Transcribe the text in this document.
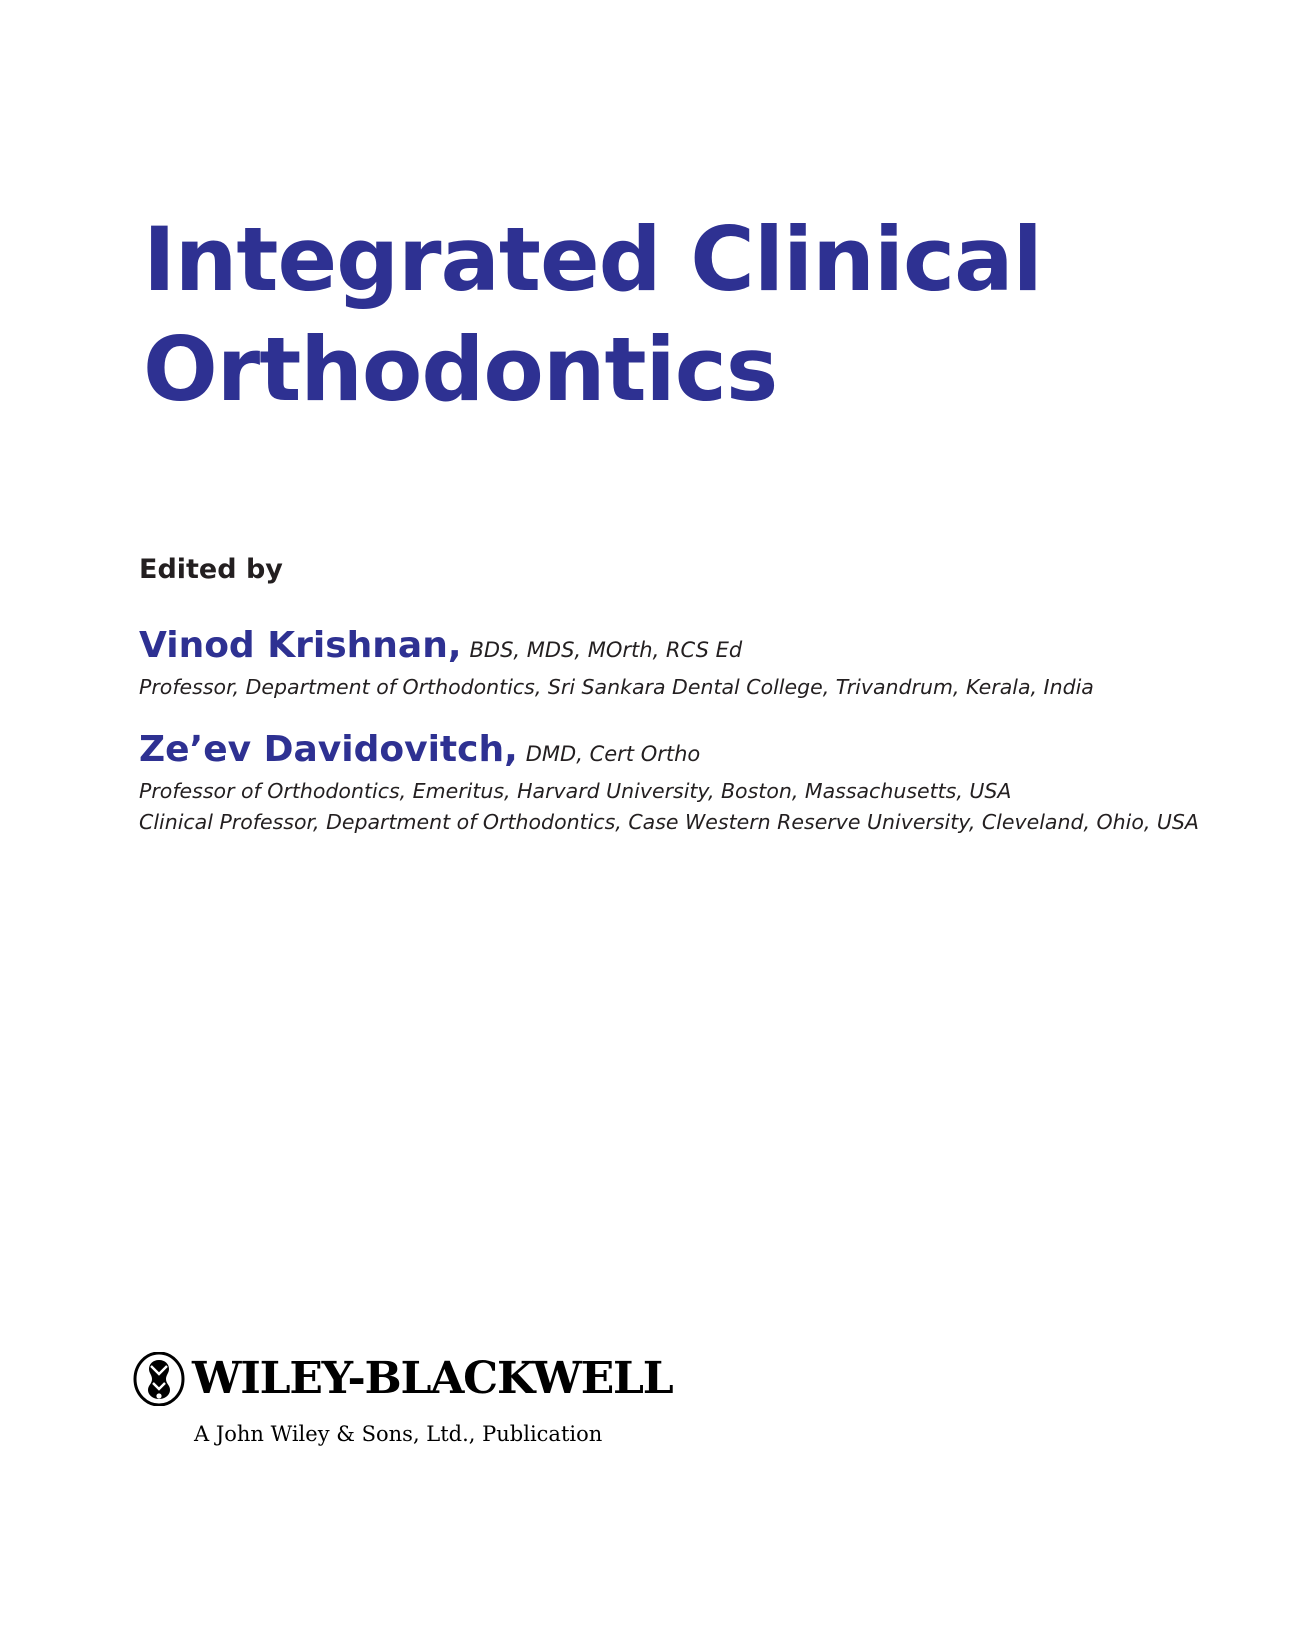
Integrated Clinical
Orthodontics
Edited by
Vinod Krishnan, BDS, MDS, MOrth, RCS Ed
Professor, Department of Orthodontics, Sri Sankara Dental College, Trivandrum, Kerala, India
Ze’ev Davidovitch, DMD, Cert Ortho
Professor of Orthodontics, Emeritus, Harvard University, Boston, Massachusetts, USA
Clinical Professor, Department of Orthodontics, Case Western Reserve University, Cleveland, Ohio, USA
WILEY-BLACKWELL
A John Wiley & Sons, Ltd., Publication
